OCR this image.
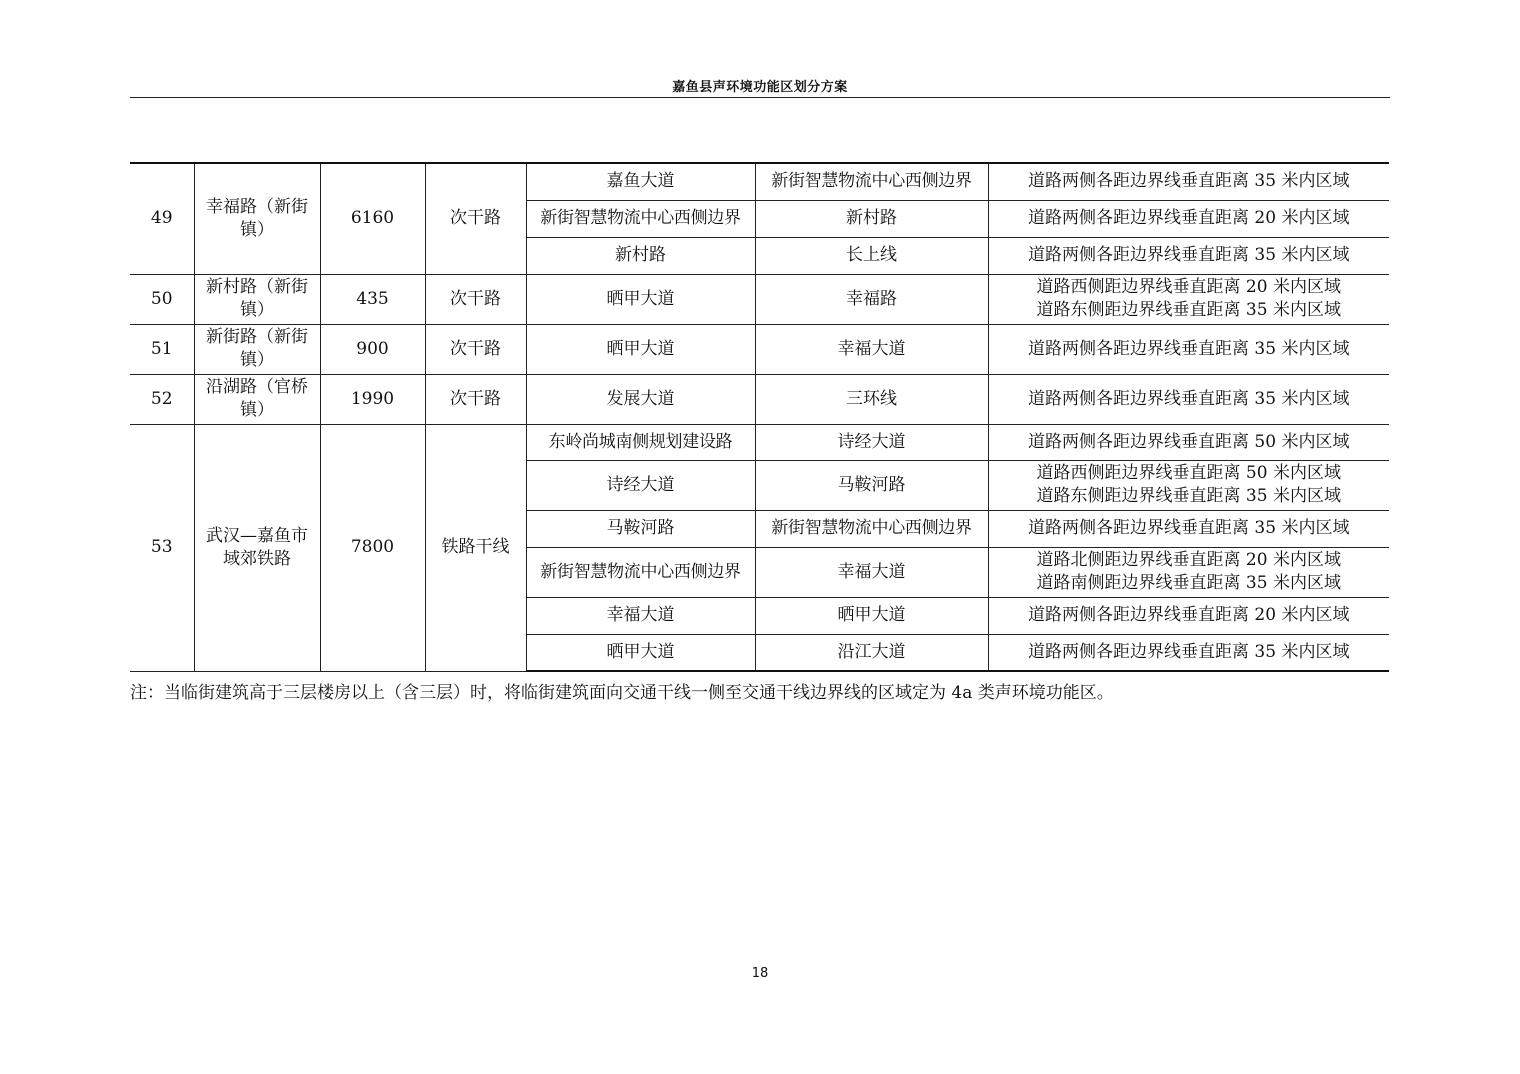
嘉鱼县声环境功能区划分方案
49	幸福路（新街
镇）	6160	次干路	嘉鱼大道	新街智慧物流中心西侧边界	道路两侧各距边界线垂直距离 35 米内区域

				新街智慧物流中心西侧边界	新村路	道路两侧各距边界线垂直距离 20 米内区域

				新村路	长上线	道路两侧各距边界线垂直距离 35 米内区域

50	新村路（新街
镇）	435	次干路	晒甲大道	幸福路	道路西侧距边界线垂直距离 20 米内区域
道路东侧距边界线垂直距离 35 米内区域

51	新街路（新街
镇）	900	次干路	晒甲大道	幸福大道	道路两侧各距边界线垂直距离 35 米内区域

52	沿湖路（官桥
镇）	1990	次干路	发展大道	三环线	道路两侧各距边界线垂直距离 35 米内区域

53	武汉—嘉鱼市
域郊铁路	7800	铁路干线	东岭尚城南侧规划建设路	诗经大道	道路两侧各距边界线垂直距离 50 米内区域

				诗经大道	马鞍河路	道路西侧距边界线垂直距离 50 米内区域
道路东侧距边界线垂直距离 35 米内区域

				马鞍河路	新街智慧物流中心西侧边界	道路两侧各距边界线垂直距离 35 米内区域

				新街智慧物流中心西侧边界	幸福大道	道路北侧距边界线垂直距离 20 米内区域
道路南侧距边界线垂直距离 35 米内区域

				幸福大道	晒甲大道	道路两侧各距边界线垂直距离 20 米内区域

				晒甲大道	沿江大道	道路两侧各距边界线垂直距离 35 米内区域
注：当临街建筑高于三层楼房以上（含三层）时，将临街建筑面向交通干线一侧至交通干线边界线的区域定为 4a 类声环境功能区。
18
